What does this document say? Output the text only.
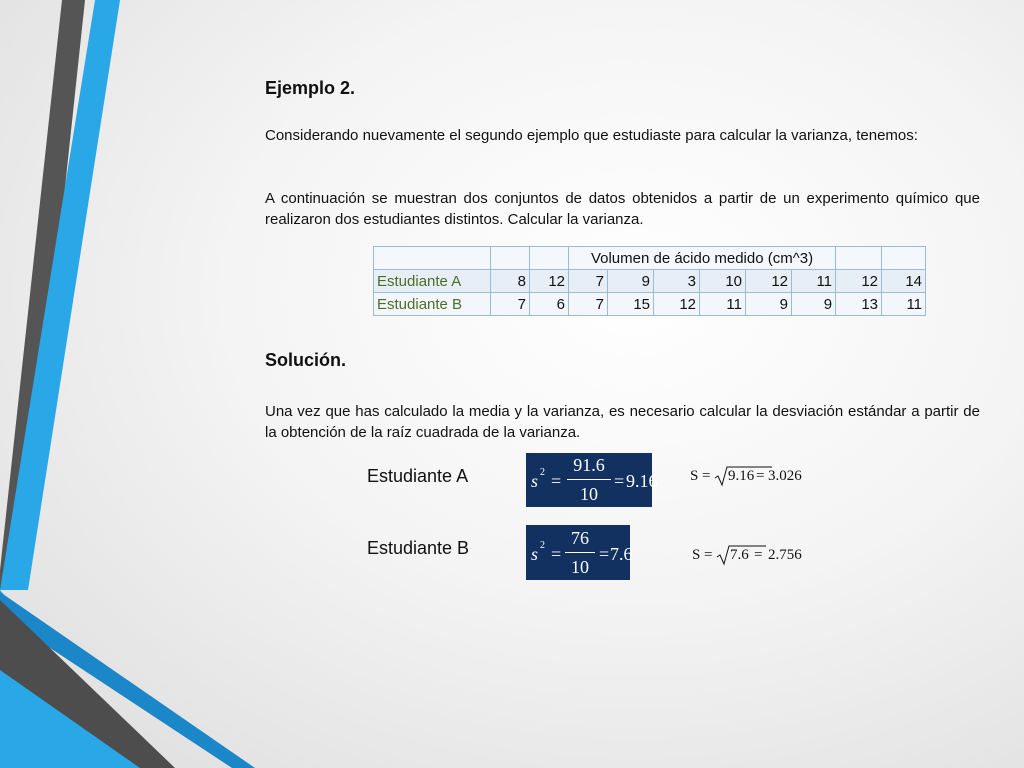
Ejemplo 2.

Considerando nuevamente el segundo ejemplo que estudiaste para calcular la varianza, tenemos:

A continuación se muestran dos conjuntos de datos obtenidos a partir de un experimento químico que realizaron dos estudiantes distintos. Calcular la varianza.

			Volumen de ácido medido (cm^3)							
Estudiante A	8	12	7	9	3	10	12	11	12	14
Estudiante B	7	6	7	15	12	11	9	9	13	11
Solución.

Una vez que has calculado la media y la varianza, es necesario calcular la desviación estándar a partir de la obtención de la raíz cuadrada de la varianza.

Estudiante A	s 2 =
91.6
10
= 9.16 S = 9.16 = 3.026
Estudiante B	s 2 =
76
10
= 7.6	S = 7.6 = 2.756
